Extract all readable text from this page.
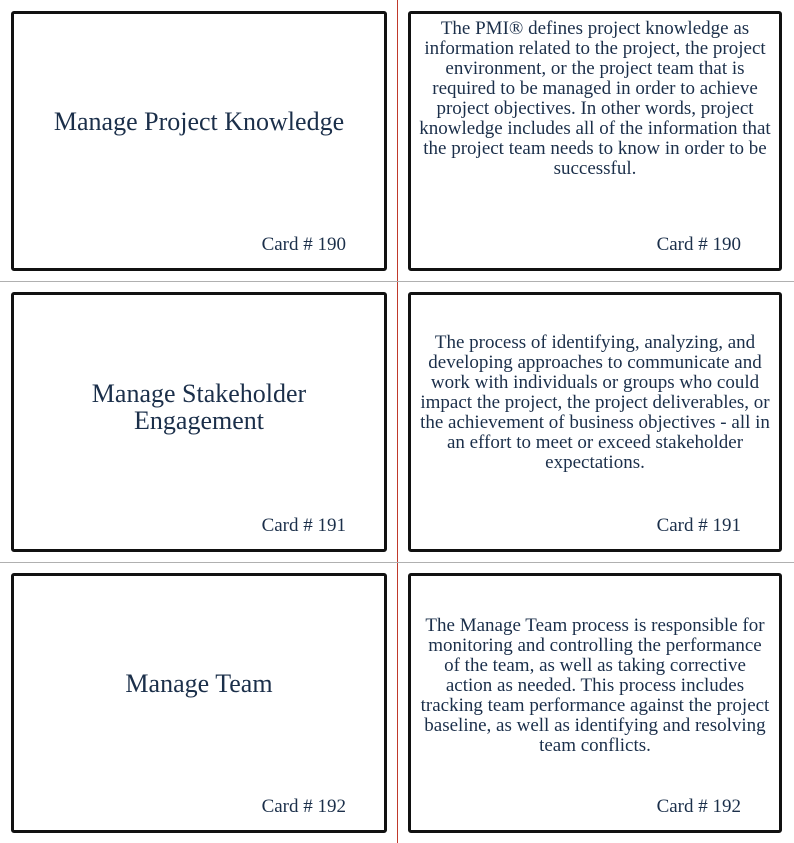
Manage Project Knowledge
Card # 190
The PMI® defines project knowledge as information related to the project, the project environment, or the project team that is required to be managed in order to achieve project objectives. In other words, project knowledge includes all of the information that the project team needs to know in order to be successful.
Card # 190
Manage Stakeholder Engagement
Card # 191
The process of identifying, analyzing, and developing approaches to communicate and work with individuals or groups who could impact the project, the project deliverables, or the achievement of business objectives - all in an effort to meet or exceed stakeholder expectations.
Card # 191
Manage Team
Card # 192
The Manage Team process is responsible for monitoring and controlling the performance of the team, as well as taking corrective action as needed. This process includes tracking team performance against the project baseline, as well as identifying and resolving team conflicts.
Card # 192
